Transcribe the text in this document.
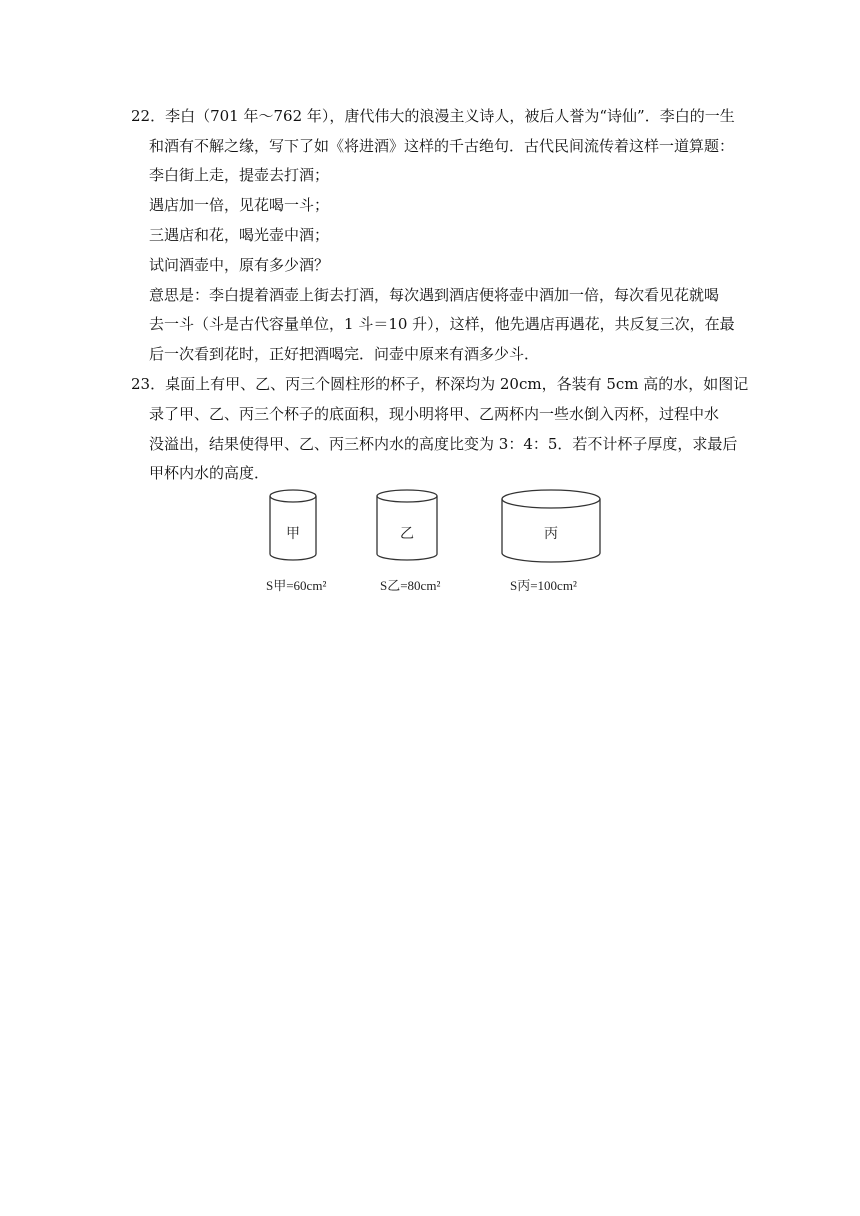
22．李白（701 年～762 年），唐代伟大的浪漫主义诗人，被后人誉为“诗仙”．李白的一生
和酒有不解之缘，写下了如《将进酒》这样的千古绝句．古代民间流传着这样一道算题：
李白街上走，提壶去打酒；
遇店加一倍，见花喝一斗；
三遇店和花，喝光壶中酒；
试问酒壶中，原有多少酒？
意思是：李白提着酒壶上街去打酒，每次遇到酒店便将壶中酒加一倍，每次看见花就喝
去一斗（斗是古代容量单位，1 斗＝10 升），这样，他先遇店再遇花，共反复三次，在最
后一次看到花时，正好把酒喝完．问壶中原来有酒多少斗．
23．桌面上有甲、乙、丙三个圆柱形的杯子，杯深均为 20cm，各装有 5cm 高的水，如图记
录了甲、乙、丙三个杯子的底面积，现小明将甲、乙两杯内一些水倒入丙杯，过程中水
没溢出，结果使得甲、乙、丙三杯内水的高度比变为 3：4：5．若不计杯子厚度，求最后
甲杯内水的高度．
甲	乙	丙
S甲=60cm²	S乙=80cm²	S丙=100cm²
